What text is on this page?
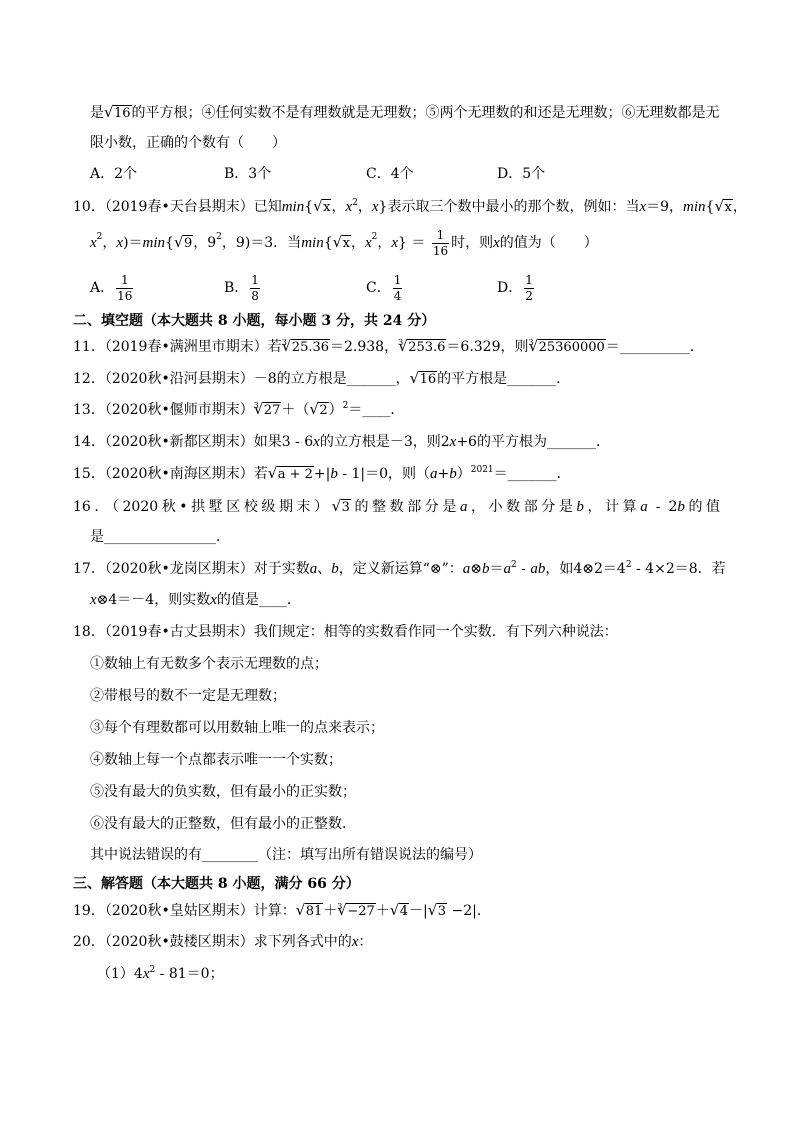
是 √ 16的平方根；④任何实数不是有理数就是无理数；⑤两个无理数的和还是无理数；⑥无理数都是无
限小数，正确的个数有（　　）
A．2个	B．3个	C．4个	D．5个
10．（2019春•天台县期末）已知min{ √ x，$x^2$，x}表示取三个数中最小的那个数，例如：当x＝9，min{ √ x，
x 2 ， x )＝ min { √ 9 ，9 2 ，9)＝3．当 min { √ x ， x 2 ， x } ＝ $\frac{1}{16}$ 时，则 x 的值为（　　）
A． $\frac{1}{16}$	B． $\frac{1}{8}$	C． $\frac{1}{4}$	D． $\frac{1}{2}$
二、填空题（本大题共 8 小题，每小题 3 分，共 24 分）
11．（2019春•满洲里市期末）若$^3$ √ 25.36＝2.938，$^3$ √ 253.6＝6.329，则$^3$ √ 25360000＝__________．
12．（2020秋•沿河县期末）－8的立方根是_______， √ 16的平方根是_______．
13．（2020秋•偃师市期末）$^3$ √ 27＋（ √ 2）$^2$＝____．
14．（2020秋•新都区期末）如果3 - 6x的立方根是－3，则2x+6的平方根为_______．
15．（2020秋•南海区期末）若 √ a + 2+|b - 1|＝0，则$(a+b)^{2021}=\_\_\_\_\_\_\_$．
16．（2020秋•拱墅区校级期末） √ 3的整数部分是a，小数部分是b，计算a - 2b的值
是________________．
17．（2020秋•龙岗区期末）对于实数a、b，定义新运算“⊗”：$a\otimes b=a^2$ - ab，如$4\otimes 2=4^2 - 4\times 2=8$．若
x⊗4＝－4，则实数x的值是____．
18．（2019春•古丈县期末）我们规定：相等的实数看作同一个实数．有下列六种说法：
①数轴上有无数多个表示无理数的点；
②带根号的数不一定是无理数；
③每个有理数都可以用数轴上唯一的点来表示；
④数轴上每一个点都表示唯一一个实数；
⑤没有最大的负实数，但有最小的正实数；
⑥没有最大的正整数，但有最小的正整数．
其中说法错误的有________（注：填写出所有错误说法的编号）
三、解答题（本大题共 8 小题，满分 66 分）
19．（2020秋•皇姑区期末）计算： √ 81＋$^3$ √ −27＋ √ 4－| √ 3 −2|．
20．（2020秋•鼓楼区期末）求下列各式中的x：
$(1)4x^2 - 81=0$；
